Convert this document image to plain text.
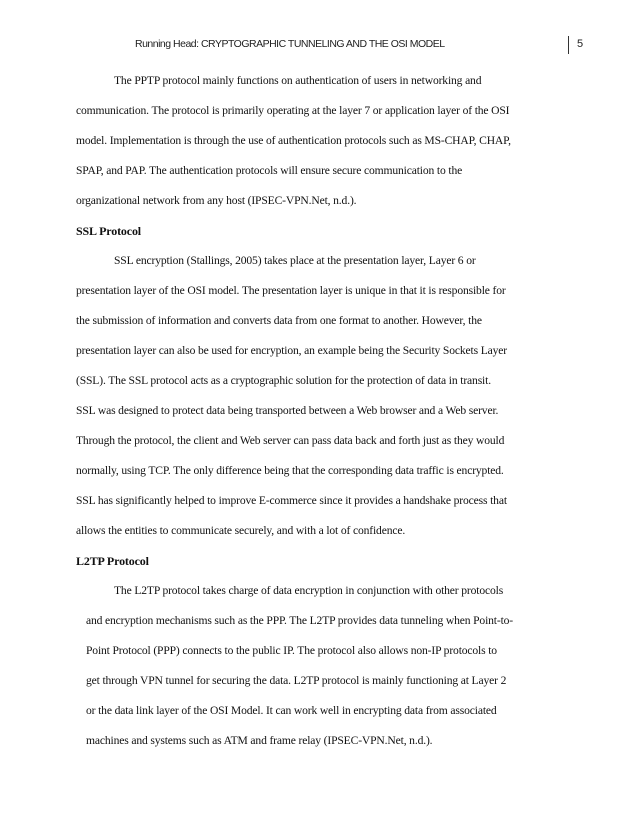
Running Head: CRYPTOGRAPHIC TUNNELING AND THE OSI MODEL	5
The PPTP protocol mainly functions on authentication of users in networking and
communication. The protocol is primarily operating at the layer 7 or application layer of the OSI
model. Implementation is through the use of authentication protocols such as MS-CHAP, CHAP,
SPAP, and PAP. The authentication protocols will ensure secure communication to the
organizational network from any host (IPSEC-VPN.Net, n.d.).
SSL Protocol
SSL encryption (Stallings, 2005) takes place at the presentation layer, Layer 6 or
presentation layer of the OSI model. The presentation layer is unique in that it is responsible for
the submission of information and converts data from one format to another. However, the
presentation layer can also be used for encryption, an example being the Security Sockets Layer
(SSL). The SSL protocol acts as a cryptographic solution for the protection of data in transit.
SSL was designed to protect data being transported between a Web browser and a Web server.
Through the protocol, the client and Web server can pass data back and forth just as they would
normally, using TCP. The only difference being that the corresponding data traffic is encrypted.
SSL has significantly helped to improve E-commerce since it provides a handshake process that
allows the entities to communicate securely, and with a lot of confidence.
L2TP Protocol
The L2TP protocol takes charge of data encryption in conjunction with other protocols
and encryption mechanisms such as the PPP. The L2TP provides data tunneling when Point-to-
Point Protocol (PPP) connects to the public IP. The protocol also allows non-IP protocols to
get through VPN tunnel for securing the data. L2TP protocol is mainly functioning at Layer 2
or the data link layer of the OSI Model. It can work well in encrypting data from associated
machines and systems such as ATM and frame relay (IPSEC-VPN.Net, n.d.).
